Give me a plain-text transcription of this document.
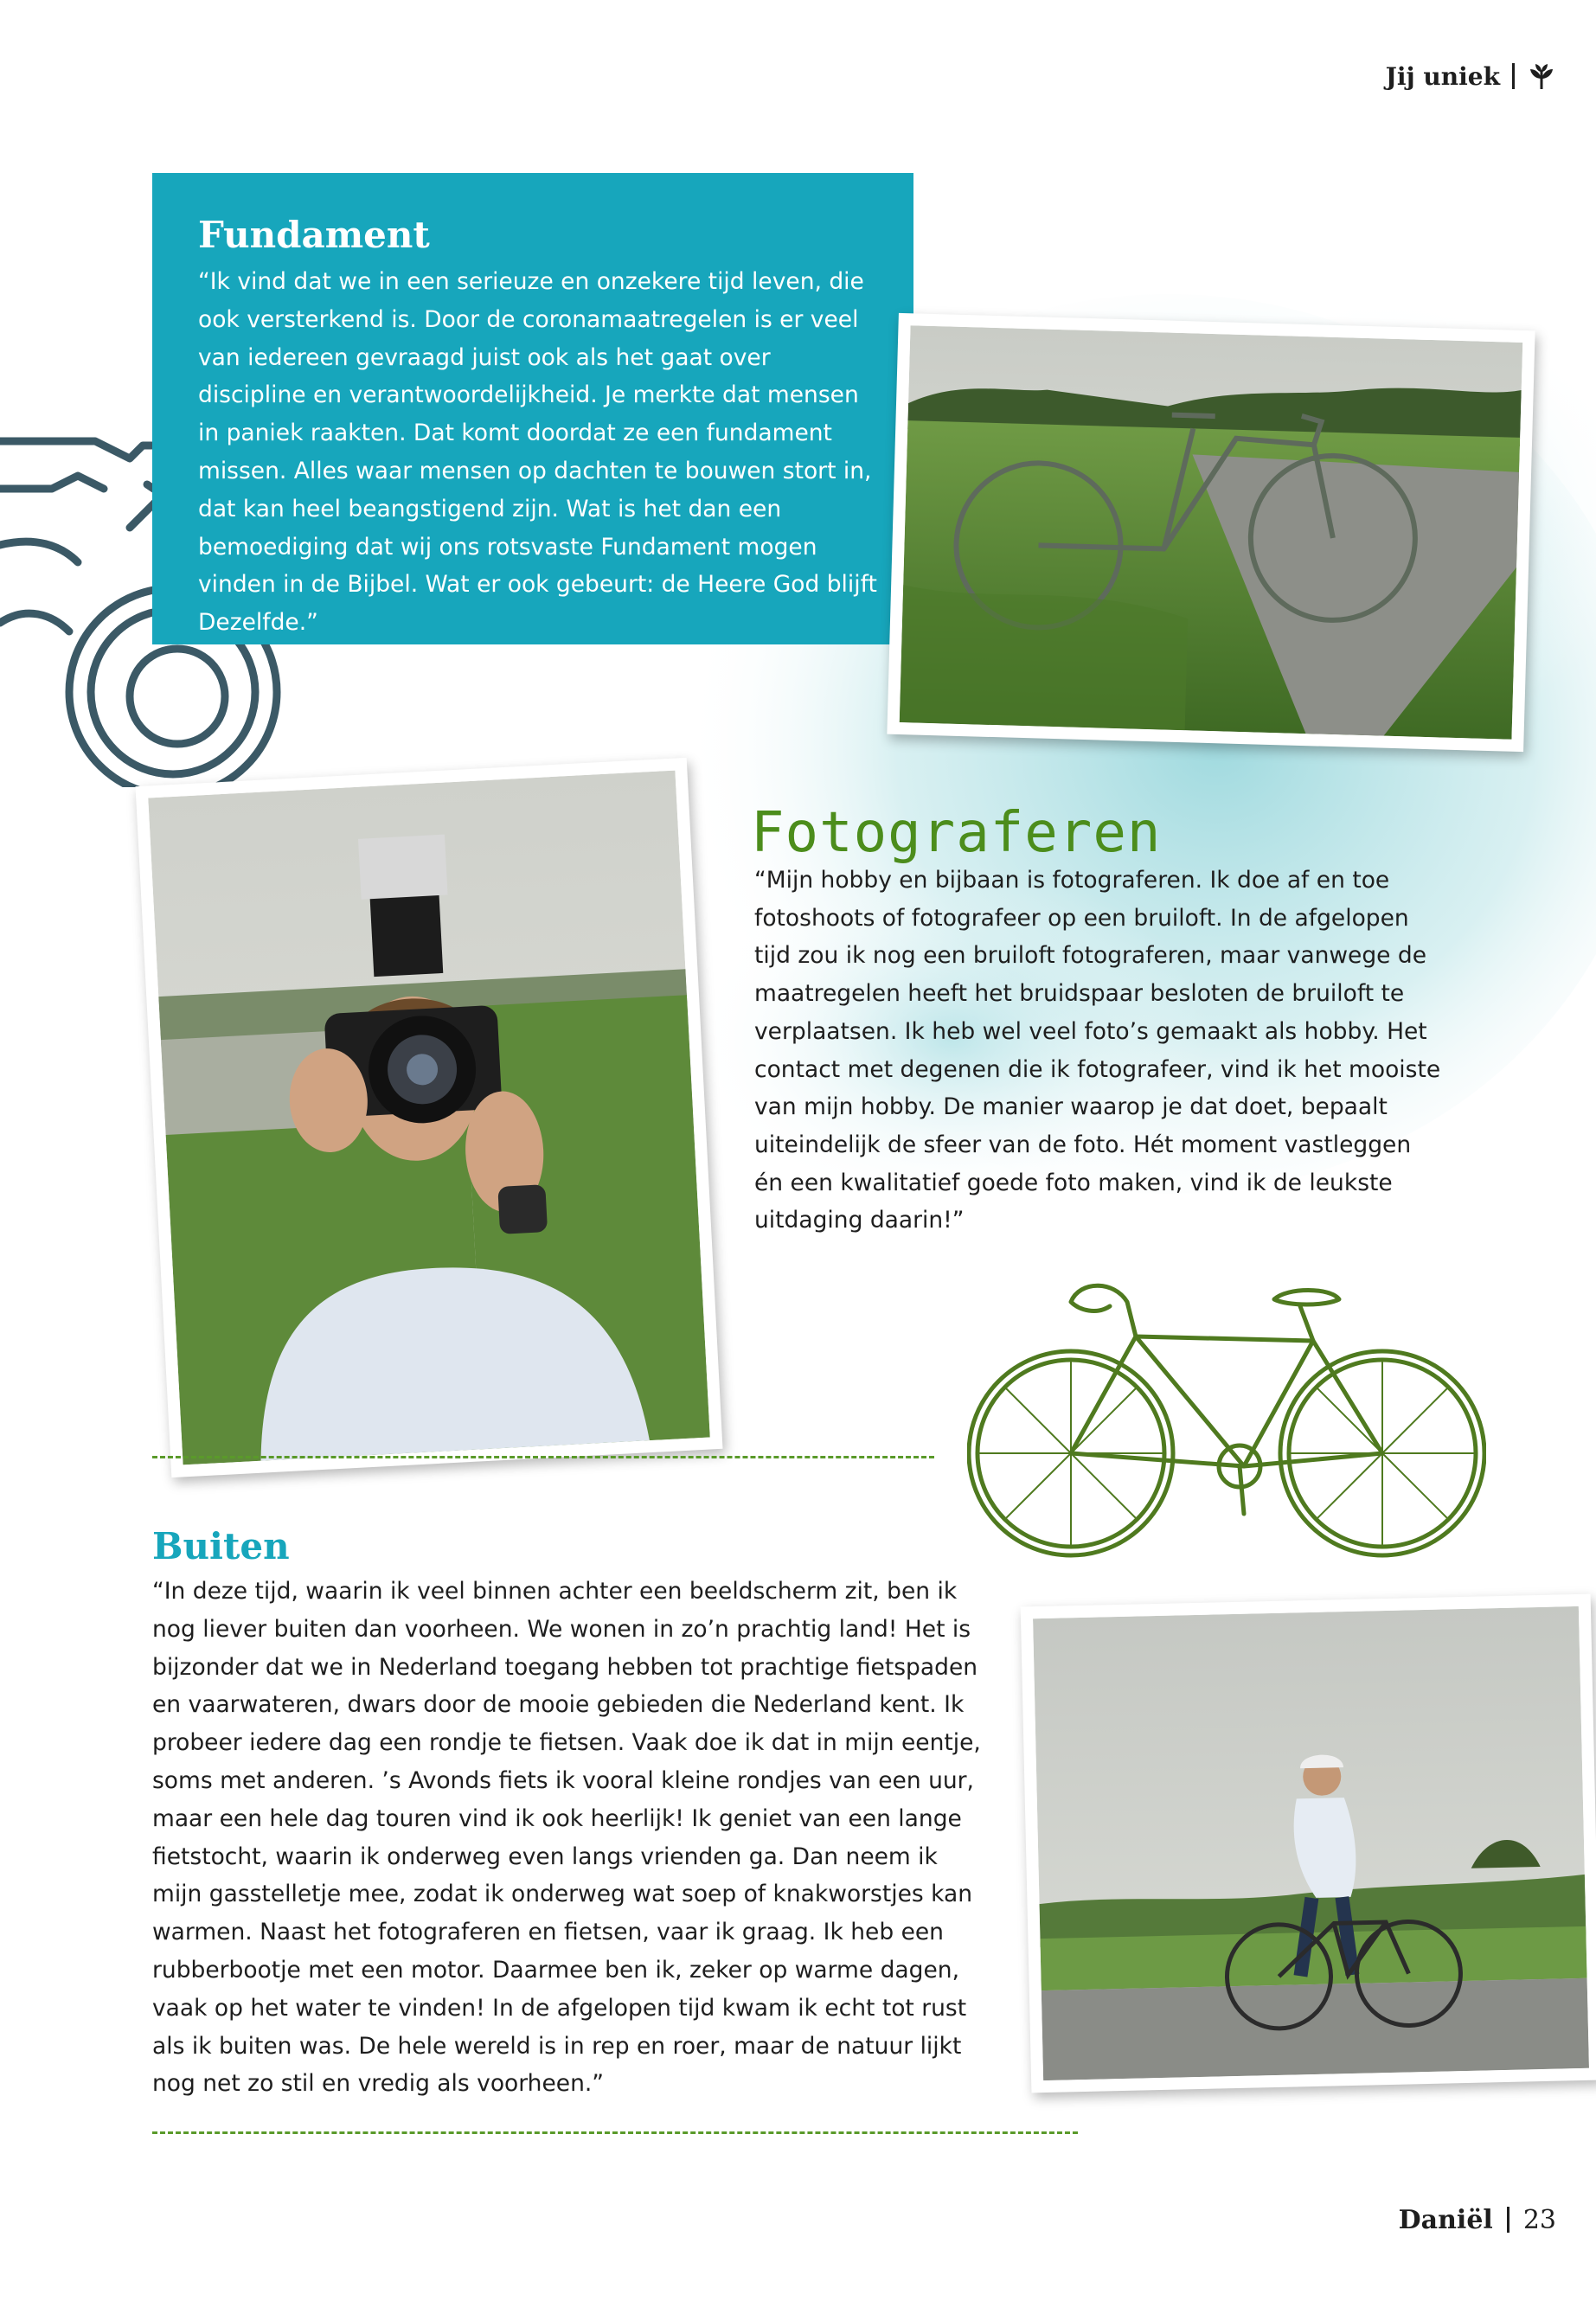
Jij uniek
Fundament

“Ik vind dat we in een serieuze en onzekere tijd leven, die ook versterkend is. Door de coronamaatregelen is er veel van iedereen gevraagd juist ook als het gaat over discipline en verantwoordelijkheid. Je merkte dat mensen in paniek raakten. Dat komt doordat ze een fundament missen. Alles waar mensen op dachten te bouwen stort in, dat kan heel beangstigend zijn. Wat is het dan een bemoediging dat wij ons rotsvaste Fundament mogen vinden in de Bijbel. Wat er ook gebeurt: de Heere God blijft Dezelfde.”

Fotograferen

“Mijn hobby en bijbaan is fotograferen. Ik doe af en toe fotoshoots of fotografeer op een bruiloft. In de afgelopen tijd zou ik nog een bruiloft fotograferen, maar vanwege de maatregelen heeft het bruidspaar besloten de bruiloft te verplaatsen. Ik heb wel veel foto’s gemaakt als hobby. Het contact met degenen die ik fotografeer, vind ik het mooiste van mijn hobby. De manier waarop je dat doet, bepaalt uiteindelijk de sfeer van de foto. Hét moment vastleggen én een kwalitatief goede foto maken, vind ik de leukste uitdaging daarin!”

Buiten

“In deze tijd, waarin ik veel binnen achter een beeldscherm zit, ben ik nog liever buiten dan voorheen. We wonen in zo’n prachtig land! Het is bijzonder dat we in Nederland toegang hebben tot prachtige fietspaden en vaarwateren, dwars door de mooie gebieden die Nederland kent. Ik probeer iedere dag een rondje te fietsen. Vaak doe ik dat in mijn eentje, soms met anderen. ’s Avonds fiets ik vooral kleine rondjes van een uur, maar een hele dag touren vind ik ook heerlijk! Ik geniet van een lange fietstocht, waarin ik onderweg even langs vrienden ga. Dan neem ik mijn gasstelletje mee, zodat ik onderweg wat soep of knakworstjes kan warmen. Naast het fotograferen en fietsen, vaar ik graag. Ik heb een rubberbootje met een motor. Daarmee ben ik, zeker op warme dagen, vaak op het water te vinden! In de afgelopen tijd kwam ik echt tot rust als ik buiten was. De hele wereld is in rep en roer, maar de natuur lijkt nog net zo stil en vredig als voorheen.”

Daniël 23
